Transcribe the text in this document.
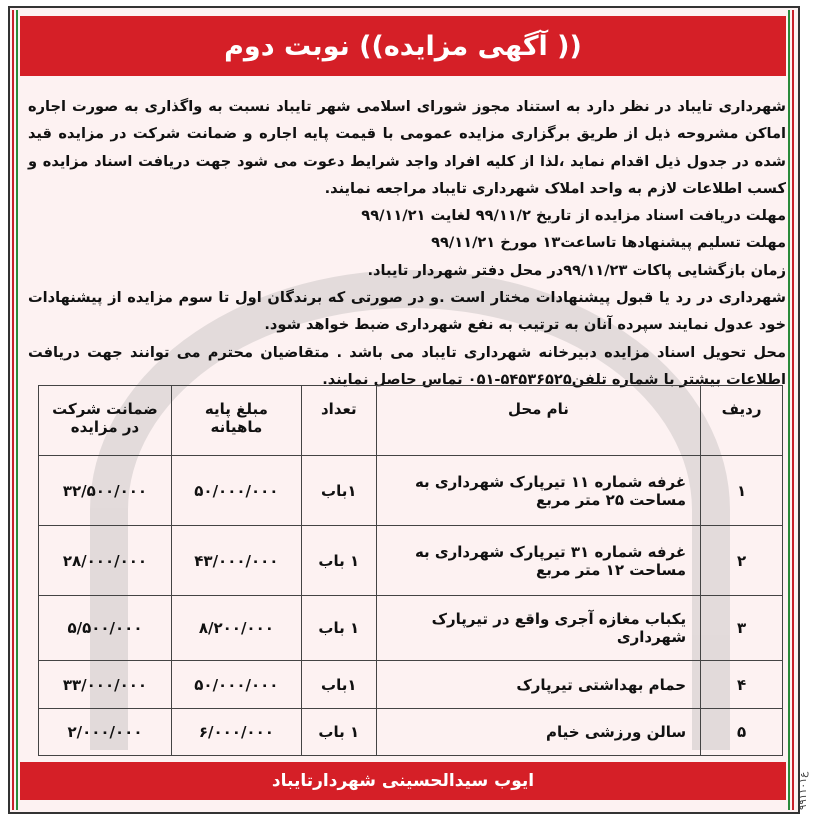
(( آگهی مزایده)) نوبت دوم

شهرداری تایباد در نظر دارد به استناد مجوز شورای اسلامی شهر تایباد نسبت به واگذاری به صورت اجاره اماکن مشروحه ذیل از طریق برگزاری مزایده عمومی با قیمت پایه اجاره و ضمانت شرکت در مزایده قید شده در جدول ذیل اقدام نماید ،لذا از کلیه افراد واجد شرایط دعوت می شود جهت دریافت اسناد مزایده و کسب اطلاعات لازم به واحد املاک شهرداری تایباد مراجعه نمایند.

مهلت دریافت اسناد مزایده از تاریخ ۹۹/۱۱/۲ لغایت ۹۹/۱۱/۲۱

مهلت تسلیم پیشنهادها تاساعت۱۳ مورخ ۹۹/۱۱/۲۱

زمان بازگشایی پاکات ۹۹/۱۱/۲۳در محل دفتر شهردار تایباد.

شهرداری در رد یا قبول پیشنهادات مختار است .و در صورتی که برندگان اول تا سوم مزایده از پیشنهادات خود عدول نمایند سپرده آنان به ترتیب به نفع شهرداری ضبط خواهد شود.

محل تحویل اسناد مزایده دبیرخانه شهرداری تایباد می باشد . متقاضیان محترم می توانند جهت دریافت اطلاعات بیشتر با شماره تلفن۵۴۵۳۶۵۲۵-۰۵۱ تماس حاصل نمایند.

ردیف	نام محل	تعداد	مبلغ پایه ماهیانه	ضمانت شرکت در مزایده
۱	غرفه شماره ۱۱ تیرپارک شهرداری به مساحت ۲۵ متر مربع	۱باب	۵۰/۰۰۰/۰۰۰	۳۲/۵۰۰/۰۰۰
۲	غرفه شماره ۳۱ تیرپارک شهرداری به مساحت ۱۲ متر مربع	۱ باب	۴۳/۰۰۰/۰۰۰	۲۸/۰۰۰/۰۰۰
۳	یکباب مغازه آجری واقع در تیرپارک شهرداری	۱ باب	۸/۲۰۰/۰۰۰	۵/۵۰۰/۰۰۰
۴	حمام بهداشتی تیرپارک	۱باب	۵۰/۰۰۰/۰۰۰	۳۳/۰۰۰/۰۰۰
۵	سالن ورزشی خیام	۱ باب	۶/۰۰۰/۰۰۰	۲/۰۰۰/۰۰۰
ایوب سیدالحسینی شهردارتایباد	ع۹۹۱۱۰۱
